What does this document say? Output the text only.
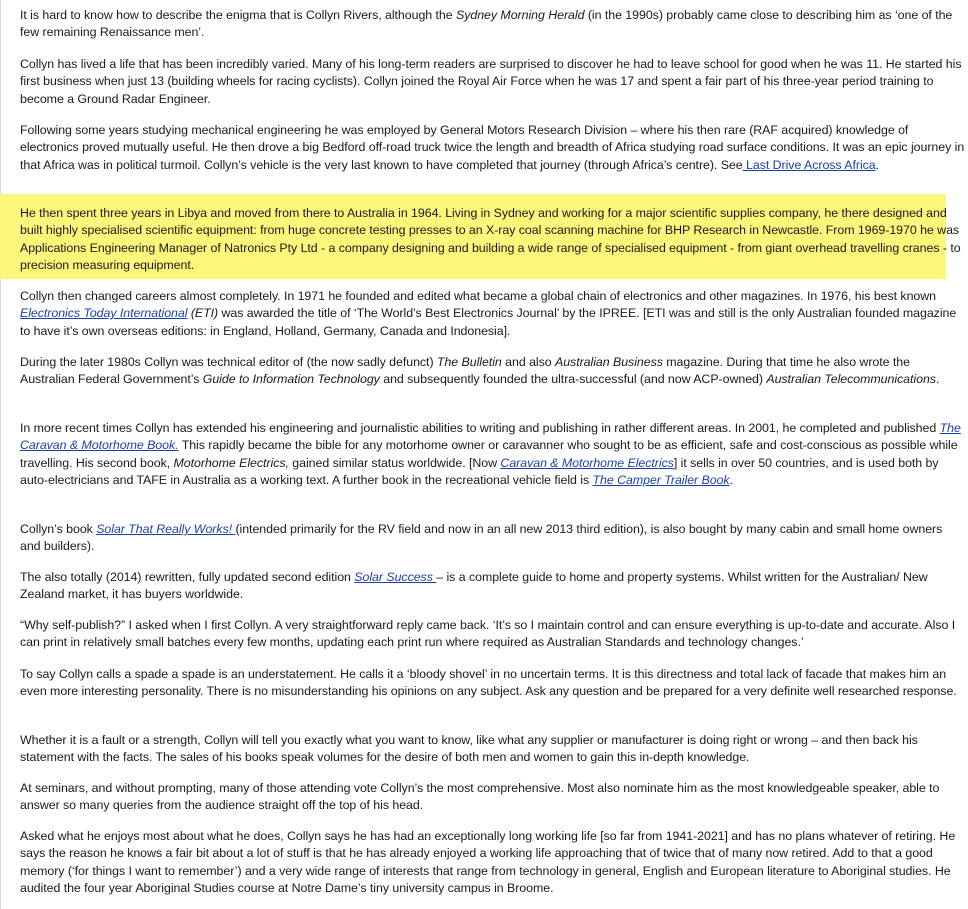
It is hard to know how to describe the enigma that is Collyn Rivers, although the Sydney Morning Herald (in the 1990s) probably came close to describing him as ‘one of the few remaining Renaissance men’.

Collyn has lived a life that has been incredibly varied. Many of his long-term readers are surprised to discover he had to leave school for good when he was 11. He started his first business when just 13 (building wheels for racing cyclists). Collyn joined the Royal Air Force when he was 17 and spent a fair part of his three-year period training to become a Ground Radar Engineer.

Following some years studying mechanical engineering he was employed by General Motors Research Division – where his then rare (RAF acquired) knowledge of electronics proved mutually useful. He then drove a big Bedford off-road truck twice the length and breadth of Africa studying road surface conditions. It was an epic journey in that Africa was in political turmoil. Collyn’s vehicle is the very last known to have completed that journey (through Africa’s centre). See Last Drive Across Africa.

He then spent three years in Libya and moved from there to Australia in 1964. Living in Sydney and working for a major scientific supplies company, he there designed and built highly specialised scientific equipment: from huge concrete testing presses to an X-ray coal scanning machine for BHP Research in Newcastle. From 1969-1970 he was Applications Engineering Manager of Natronics Pty Ltd - a company designing and building a wide range of specialised equipment - from giant overhead travelling cranes - to precision measuring equipment.

Collyn then changed careers almost completely. In 1971 he founded and edited what became a global chain of electronics and other magazines. In 1976, his best known Electronics Today International (ETI) was awarded the title of ‘The World’s Best Electronics Journal’ by the IPREE. [ETI was and still is the only Australian founded magazine to have it’s own overseas editions: in England, Holland, Germany, Canada and Indonesia].

During the later 1980s Collyn was technical editor of (the now sadly defunct) The Bulletin and also Australian Business magazine. During that time he also wrote the Australian Federal Government’s Guide to Information Technology and subsequently founded the ultra-successful (and now ACP-owned) Australian Telecommunications.

In more recent times Collyn has extended his engineering and journalistic abilities to writing and publishing in rather different areas. In 2001, he completed and published The Caravan & Motorhome Book. This rapidly became the bible for any motorhome owner or caravanner who sought to be as efficient, safe and cost-conscious as possible while travelling. His second book, Motorhome Electrics, gained similar status worldwide. [Now Caravan & Motorhome Electrics] it sells in over 50 countries, and is used both by auto-electricians and TAFE in Australia as a working text. A further book in the recreational vehicle field is The Camper Trailer Book.

Collyn’s book Solar That Really Works! (intended primarily for the RV field and now in an all new 2013 third edition), is also bought by many cabin and small home owners and builders).

The also totally (2014) rewritten, fully updated second edition Solar Success – is a complete guide to home and property systems. Whilst written for the Australian/ New Zealand market, it has buyers worldwide.

“Why self-publish?” I asked when I first Collyn. A very straightforward reply came back. ‘It’s so I maintain control and can ensure everything is up-to-date and accurate. Also I can print in relatively small batches every few months, updating each print run where required as Australian Standards and technology changes.’

To say Collyn calls a spade a spade is an understatement. He calls it a ‘bloody shovel’ in no uncertain terms. It is this directness and total lack of facade that makes him an even more interesting personality. There is no misunderstanding his opinions on any subject. Ask any question and be prepared for a very definite well researched response.

Whether it is a fault or a strength, Collyn will tell you exactly what you want to know, like what any supplier or manufacturer is doing right or wrong – and then back his statement with the facts. The sales of his books speak volumes for the desire of both men and women to gain this in-depth knowledge.

At seminars, and without prompting, many of those attending vote Collyn’s the most comprehensive. Most also nominate him as the most knowledgeable speaker, able to answer so many queries from the audience straight off the top of his head.

Asked what he enjoys most about what he does, Collyn says he has had an exceptionally long working life [so far from 1941-2021] and has no plans whatever of retiring. He says the reason he knows a fair bit about a lot of stuff is that he has already enjoyed a working life approaching that of twice that of many now retired. Add to that a good memory (‘for things I want to remember’) and a very wide range of interests that range from technology in general, English and European literature to Aboriginal studies. He audited the four year Aboriginal Studies course at Notre Dame’s tiny university campus in Broome.
